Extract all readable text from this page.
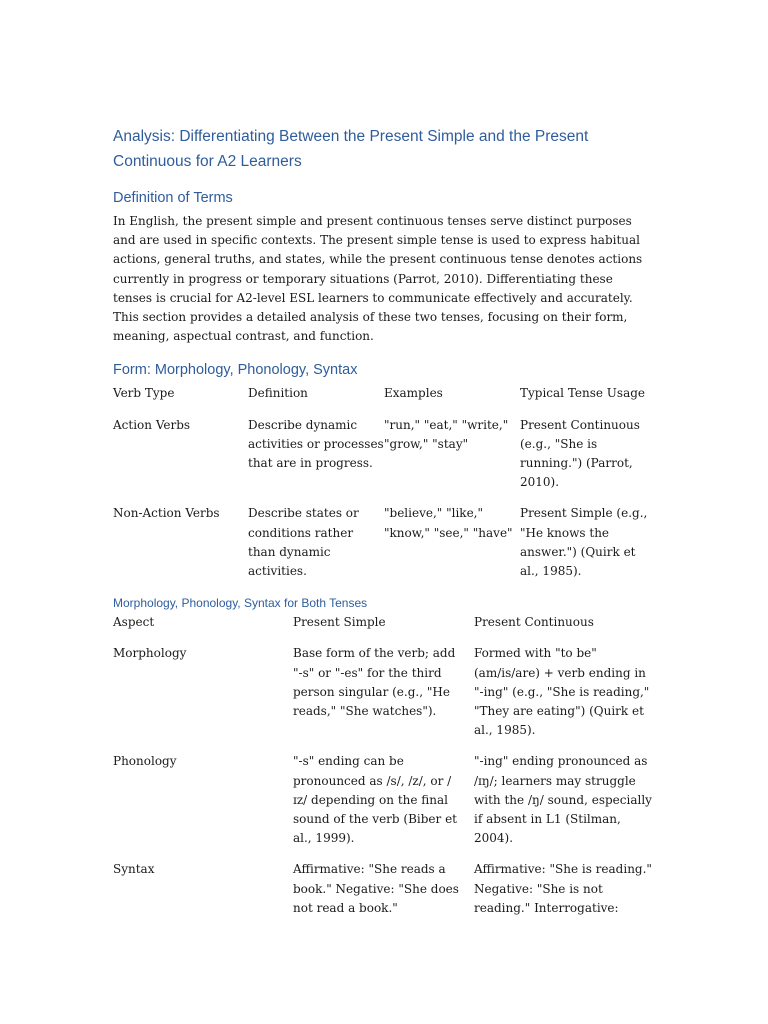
Analysis: Differentiating Between the Present Simple and the Present Continuous for A2 Learners
Definition of Terms

In English, the present simple and present continuous tenses serve distinct purposes and are used in specific contexts. The present simple tense is used to express habitual actions, general truths, and states, while the present continuous tense denotes actions currently in progress or temporary situations (Parrot, 2010). Differentiating these tenses is crucial for A2-level ESL learners to communicate effectively and accurately. This section provides a detailed analysis of these two tenses, focusing on their form, meaning, aspectual contrast, and function.

Form: Morphology, Phonology, Syntax
Verb Type	Definition	Examples	Typical Tense Usage
Action Verbs	Describe dynamic activities or processes that are in progress.	"run," "eat," "write," "grow," "stay"	Present Continuous (e.g., "She is running.") (Parrot, 2010).
Non-Action Verbs	Describe states or conditions rather than dynamic activities.	"believe," "like," "know," "see," "have"	Present Simple (e.g., "He knows the answer.") (Quirk et al., 1985).
Morphology, Phonology, Syntax for Both Tenses
Aspect	Present Simple	Present Continuous
Morphology	Base form of the verb; add "-s" or "-es" for the third person singular (e.g., "He reads," "She watches").	Formed with "to be" (am/is/are) + verb ending in "-ing" (e.g., "She is reading," "They are eating") (Quirk et al., 1985).
Phonology	"-s" ending can be pronounced as /s/, /z/, or /ɪz/ depending on the final sound of the verb (Biber et al., 1999).	"-ing" ending pronounced as /ɪŋ/; learners may struggle with the /ŋ/ sound, especially if absent in L1 (Stilman, 2004).
Syntax	Affirmative: "She reads a book." Negative: "She does not read a book."	Affirmative: "She is reading." Negative: "She is not reading." Interrogative:
